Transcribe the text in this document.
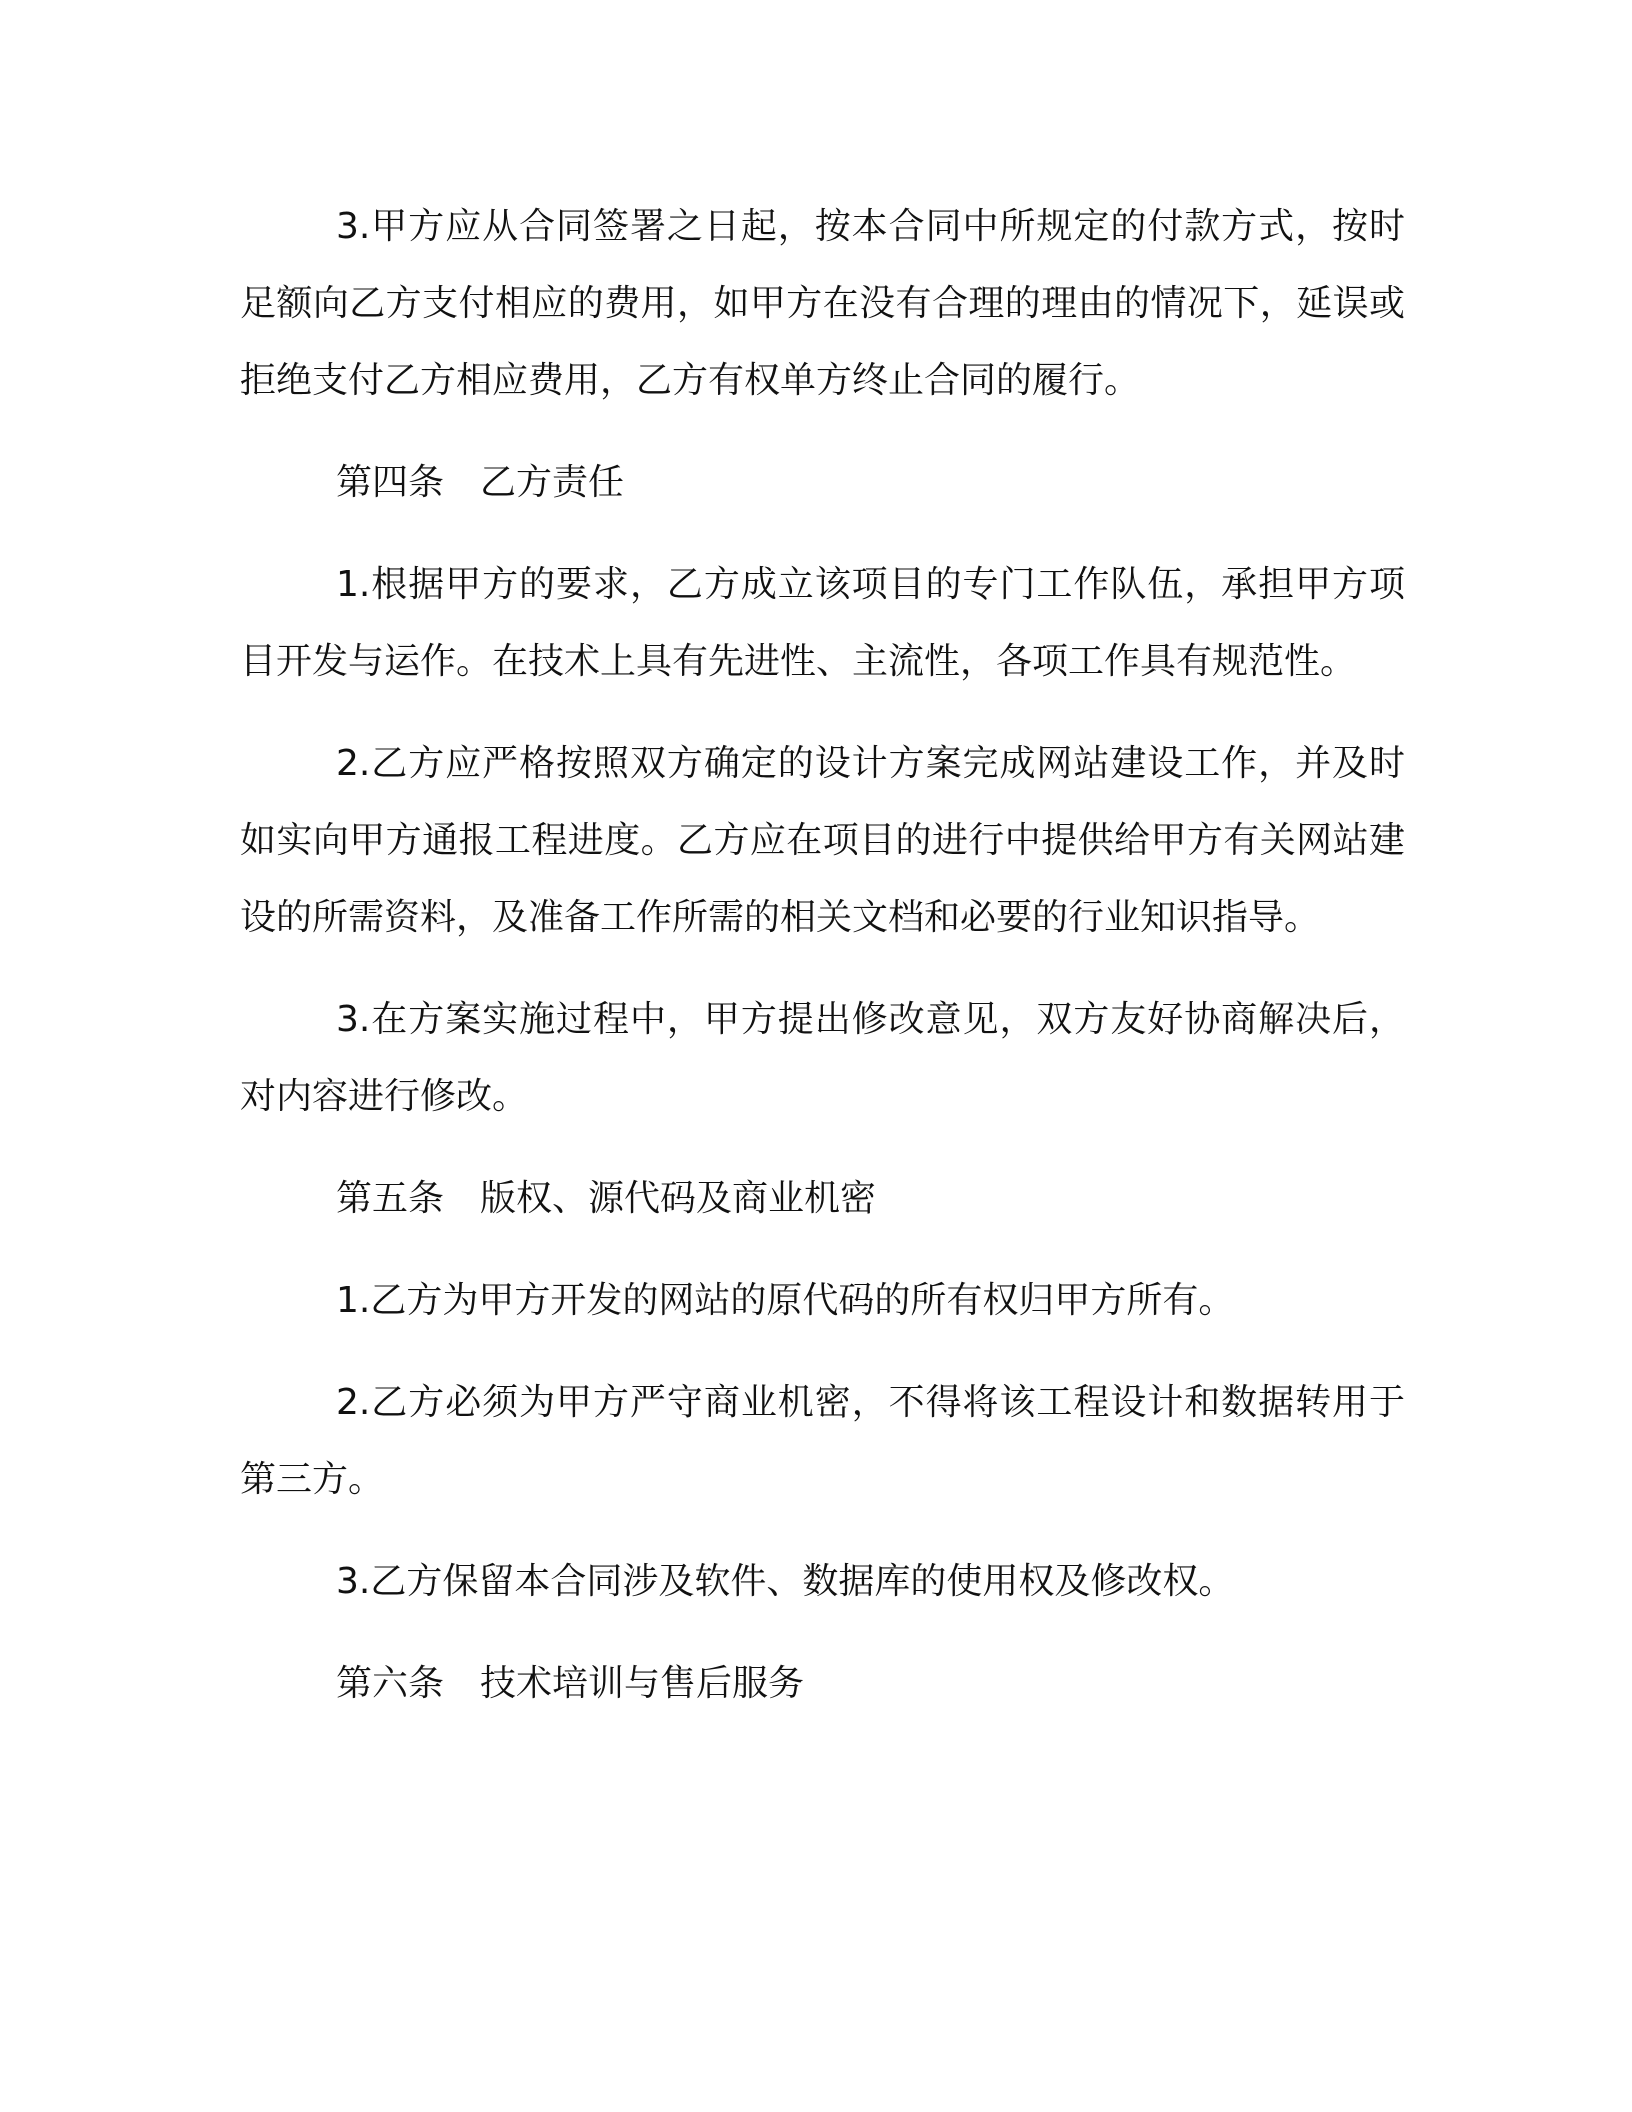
3.甲方应从合同签署之日起，按本合同中所规定的付款方式，按时足额向乙方支付相应的费用，如甲方在没有合理的理由的情况下，延误或拒绝支付乙方相应费用，乙方有权单方终止合同的履行。

第四条　乙方责任

1.根据甲方的要求，乙方成立该项目的专门工作队伍，承担甲方项目开发与运作。在技术上具有先进性、主流性，各项工作具有规范性。

2.乙方应严格按照双方确定的设计方案完成网站建设工作，并及时如实向甲方通报工程进度。乙方应在项目的进行中提供给甲方有关网站建设的所需资料，及准备工作所需的相关文档和必要的行业知识指导。

3.在方案实施过程中，甲方提出修改意见，双方友好协商解决后，对内容进行修改。

第五条　版权、源代码及商业机密

1.乙方为甲方开发的网站的原代码的所有权归甲方所有。

2.乙方必须为甲方严守商业机密，不得将该工程设计和数据转用于第三方。

3.乙方保留本合同涉及软件、数据库的使用权及修改权。

第六条　技术培训与售后服务
